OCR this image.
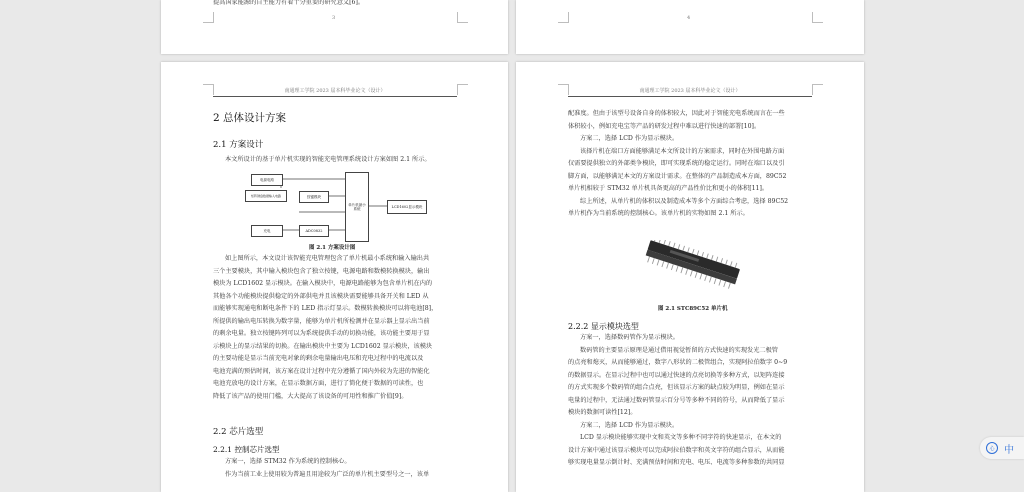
提高国家能源的自主能力有着十分重要的研究意义[6]。

3	4
南通理工学院 2023 届本科毕业论文（设计）
2 总体设计方案
2.1 方案设计

本文所设计的基于单片机实现的智能充电管理系统设计方案如图 2.1 所示。

电源电路
按键模块
矩阵键盘数据输入电路
单片机最小系统	LCD1602显示模块
充电	ADC0832
图 2.1 方案设计图

如上图所示，本文设计该智能充电管理包含了单片机最小系统和输入输出共

三个主要模块，其中输入模块包含了独立按键，电源电路和数模转换模块，输出

模块为 LCD1602 显示模块。在输入模块中，电源电路能够为包含单片机在内的

其他各个功能模块提供稳定的外部供电并且该模块需要能够具备开关和 LED 从

而能够实现通电和断电条件下的 LED 指示灯显示。数模转换模块可以将电池[8]，

所提供的输出电压转换为数字量，能够为单片机所检测并在显示器上显示出当前

的剩余电量。独立按键阵列可以为系统提供手动的切换功能，该功能主要用于显

示模块上的显示结果的切换。在输出模块中主要为 LCD1602 显示模块，该模块

的主要功能是显示当前充电对象的剩余电量输出电压和充电过程中的电流以及

电池充满的预估时间，该方案在设计过程中充分遵循了国内外较为先进的智能化

电池充放电的设计方案，在显示数据方面，进行了简化便于数据的可读性，也

降低了该产品的使用门槛，大大提高了该设备的可用性和推广价值[9]。

2.2 芯片选型
2.2.1 控制芯片选型

方案一，选择 STM32 作为系统的控制核心。

作为当前工业上使用较为普遍且用途较为广泛的单片机主要型号之一，该单

南通理工学院 2023 届本科毕业论文（设计）

配准度。但由于该型号设备自身的体积较大，因此对于智能充电系统而言在一些

体积较小，例如充电宝等产品的研发过程中难以进行快速的部署[10]。

方案二，选择 LCD 作为显示模块。

该择片机在端口方面能够满足本文所设计的方案需求，同时在外围电路方面

仅需要提供独立的外部类争模块，即可实现系统的稳定运行。同时在端口以及引

脚方面，以能够满足本文的方案设计需求。在整体的产品制造成本方面，89C52

单片机相较于 STM32 单片机具备更高的产品性价比和更小的体积[11]。

综上所述，从单片机的体积以及制造成本等多个方面综合考虑，选择 89C52

单片机作为当前系统的控制核心。该单片机的实物如图 2.1 所示。

图 2.1 STC89C52 单片机
2.2.2 显示模块选型

方案一，选择数码管作为显示模块。

数码管的主要显示原理是通过借用视觉暂留的方式快速的实现发光二极管

的点亮和熄灭，从而能够通过，数字八形状的二极管组合，实现阿拉伯数字 0~9

的数据显示。在显示过程中也可以通过快速的点亮切换等多种方式，以矩阵连接

的方式实现多个数码管的组合点亮，但该显示方案的缺点较为明显，例如在显示

电量的过程中，无法通过数码管显示百分号等多种不同的符号，从而降低了显示

模块的数据可读性[12]。

方案二，选择 LCD 作为显示模块。

LCD 显示模块能够实现中文和英文等多种不同字符的快速显示，在本文的

设计方案中通过该显示模块可以完成阿拉伯数字和英文字符的组合显示，从而能

够实现电量显示倒计时、充满预估时间和充电、电压、电流等多种参数的共同显

心 中
